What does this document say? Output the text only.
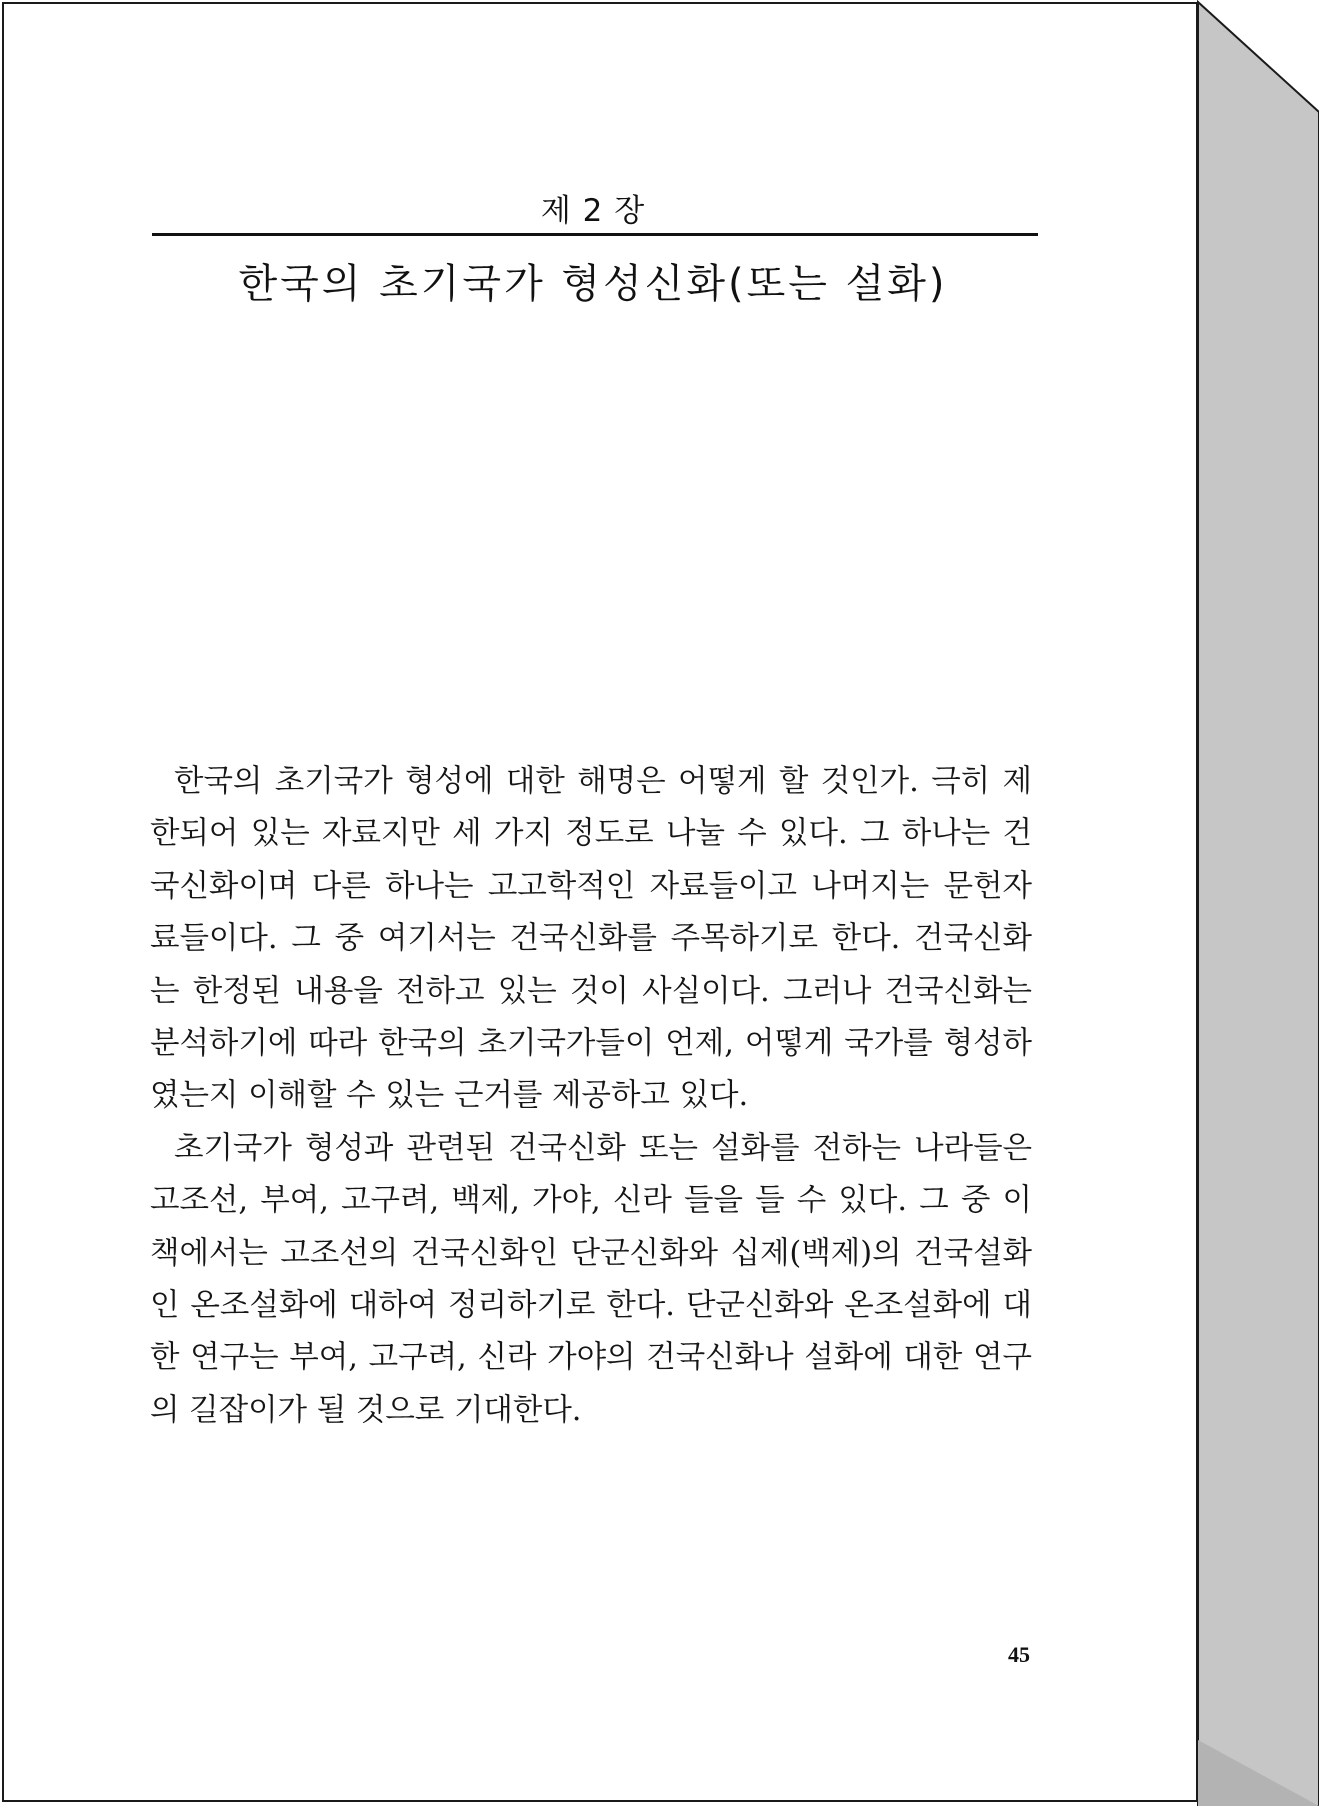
제 2 장
한국의 초기국가 형성신화(또는 설화)

한국의 초기국가 형성에 대한 해명은 어떻게 할 것인가. 극히 제한되어 있는 자료지만 세 가지 정도로 나눌 수 있다. 그 하나는 건국신화이며 다른 하나는 고고학적인 자료들이고 나머지는 문헌자료들이다. 그 중 여기서는 건국신화를 주목하기로 한다. 건국신화는 한정된 내용을 전하고 있는 것이 사실이다. 그러나 건국신화는 분석하기에 따라 한국의 초기국가들이 언제, 어떻게 국가를 형성하였는지 이해할 수 있는 근거를 제공하고 있다.

초기국가 형성과 관련된 건국신화 또는 설화를 전하는 나라들은 고조선, 부여, 고구려, 백제, 가야, 신라 들을 들 수 있다. 그 중 이 책에서는 고조선의 건국신화인 단군신화와 십제(백제)의 건국설화인 온조설화에 대하여 정리하기로 한다. 단군신화와 온조설화에 대한 연구는 부여, 고구려, 신라 가야의 건국신화나 설화에 대한 연구의 길잡이가 될 것으로 기대한다.

45
